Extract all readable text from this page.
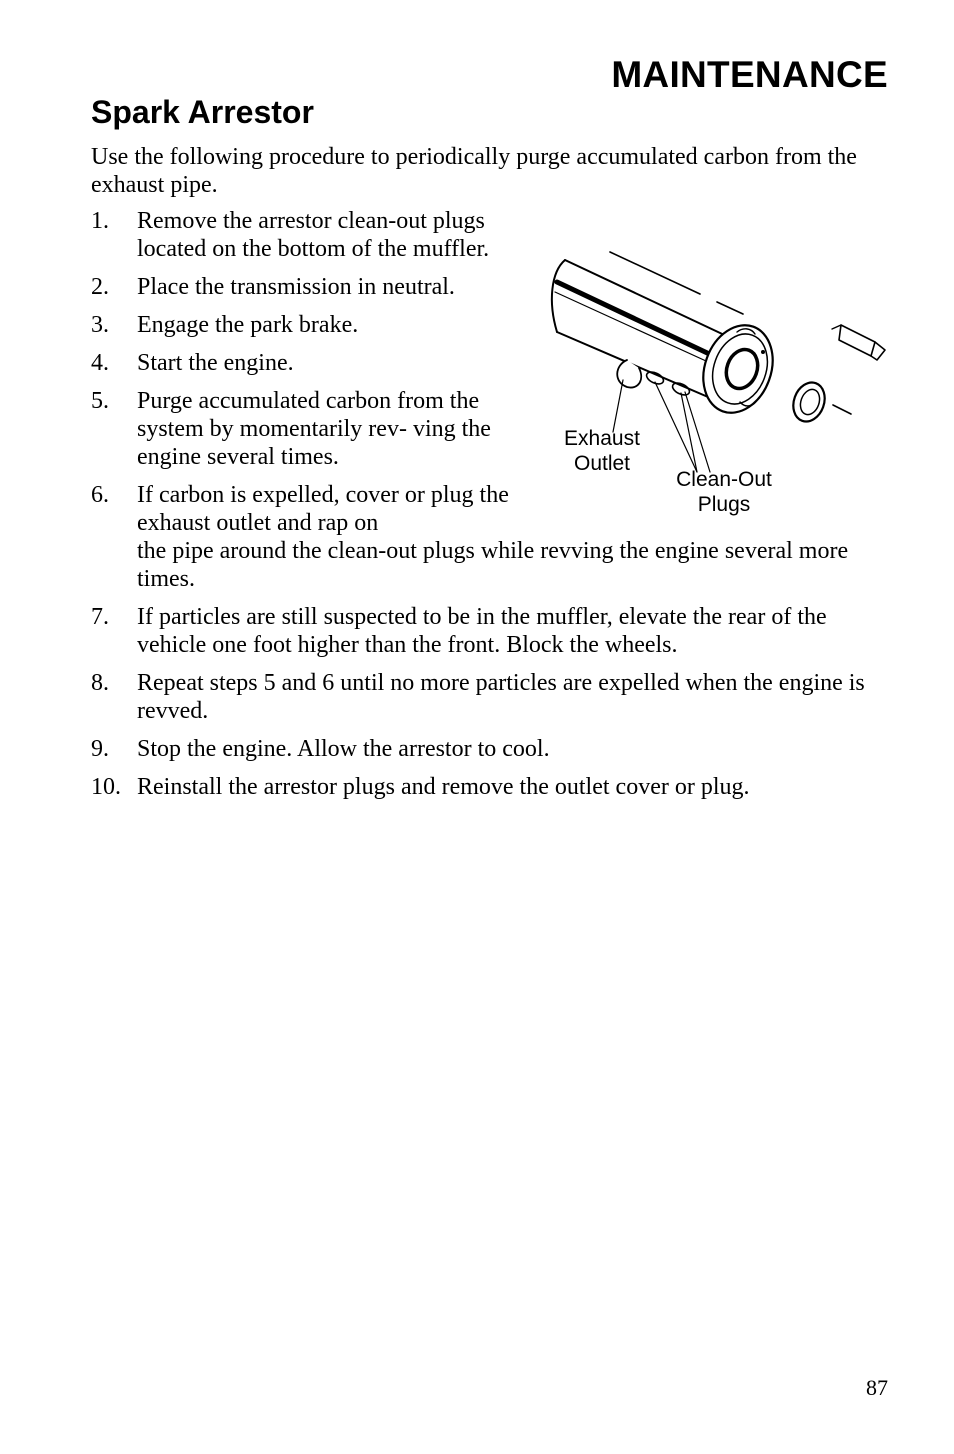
MAINTENANCE
Spark Arrestor

Use the following procedure to periodically purge accumulated carbon from the exhaust pipe.

1. Remove the arrestor clean-out plugs located on the bottom of the muffler.
2. Place the transmission in neutral.
3. Engage the park brake.
4. Start the engine.
5. Purge accumulated carbon from the system by momentarily rev- ving the engine several times.
6. If carbon is expelled, cover or plug the exhaust outlet and rap on
the pipe around the clean-out plugs while revving the engine several more times.
7. If particles are still suspected to be in the muffler, elevate the rear of the vehicle one foot higher than the front. Block the wheels.
8. Repeat steps 5 and 6 until no more particles are expelled when the engine is revved.
9. Stop the engine. Allow the arrestor to cool.
10. Reinstall the arrestor plugs and remove the outlet cover or plug.
Exhaust
Outlet
Clean-Out
Plugs
87
